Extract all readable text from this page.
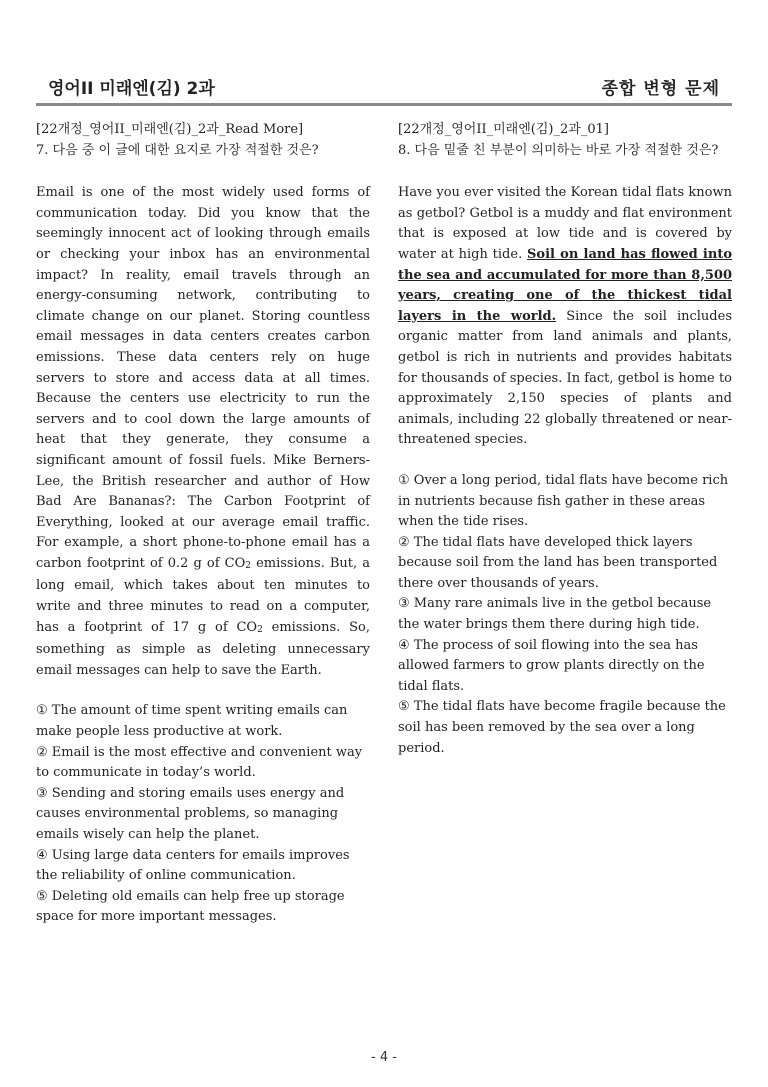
영어II 미래엔(김) 2과	종합 변형 문제
[22개정_영어II_미래엔(김)_2과_Read More]
7. 다음 중 이 글에 대한 요지로 가장 적절한 것은?
Email is one of the most widely used forms of communication today. Did you know that the seemingly innocent act of looking through emails or checking your inbox has an environmental impact? In reality, email travels through an energy-consuming network, contributing to climate change on our planet. Storing countless email messages in data centers creates carbon emissions. These data centers rely on huge servers to store and access data at all times. Because the centers use electricity to run the servers and to cool down the large amounts of heat that they generate, they consume a significant amount of fossil fuels. Mike Berners-Lee, the British researcher and author of How Bad Are Bananas?: The Carbon Footprint of Everything, looked at our average email traffic. For example, a short phone-to-phone email has a carbon footprint of 0.2 g of $CO_2$ emissions. But, a long email, which takes about ten minutes to write and three minutes to read on a computer, has a footprint of 17 g of $CO_2$ emissions. So, something as simple as deleting unnecessary email messages can help to save the Earth.
① The amount of time spent writing emails can make people less productive at work.
② Email is the most effective and convenient way to communicate in today’s world.
③ Sending and storing emails uses energy and causes environmental problems, so managing emails wisely can help the planet.
④ Using large data centers for emails improves the reliability of online communication.
⑤ Deleting old emails can help free up storage space for more important messages.
[22개정_영어II_미래엔(김)_2과_01]
8. 다음 밑줄 친 부분이 의미하는 바로 가장 적절한 것은?
Have you ever visited the Korean tidal flats known as getbol? Getbol is a muddy and flat environment that is exposed at low tide and is covered by water at high tide. Soil on land has flowed into the sea and accumulated for more than 8,500 years, creating one of the thickest tidal layers in the world. Since the soil includes organic matter from land animals and plants, getbol is rich in nutrients and provides habitats for thousands of species. In fact, getbol is home to approximately 2,150 species of plants and animals, including 22 globally threatened or near-threatened species.
① Over a long period, tidal flats have become rich in nutrients because fish gather in these areas when the tide rises.
② The tidal flats have developed thick layers because soil from the land has been transported there over thousands of years.
③ Many rare animals live in the getbol because the water brings them there during high tide.
④ The process of soil flowing into the sea has allowed farmers to grow plants directly on the tidal flats.
⑤ The tidal flats have become fragile because the soil has been removed by the sea over a long period.
- 4 -
